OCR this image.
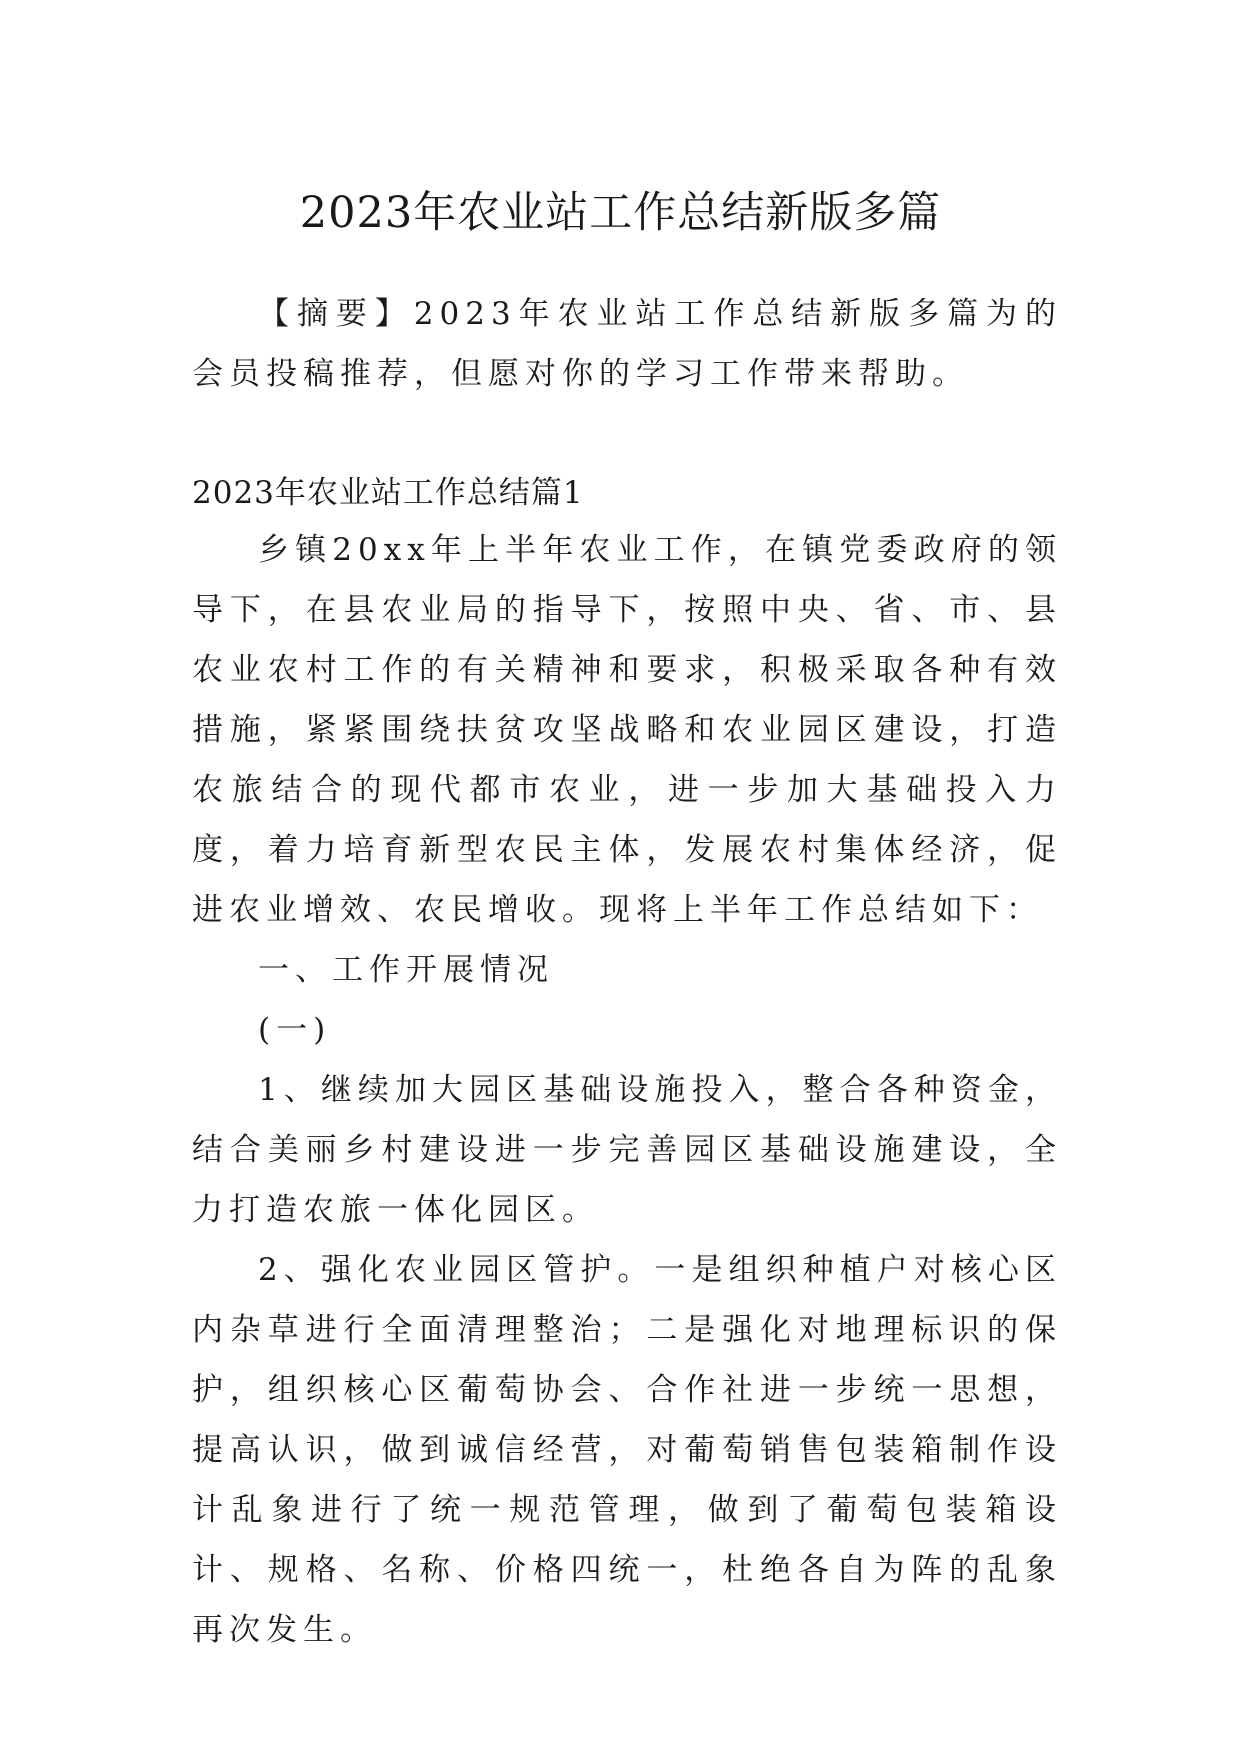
2023年农业站工作总结新版多篇
【摘要】2023年农业站工作总结新版多篇为的会员投稿推荐，但愿对你的学习工作带来帮助。
2023年农业站工作总结篇1

乡镇20xx年上半年农业工作，在镇党委政府的领导下，在县农业局的指导下，按照中央、省、市、县农业农村工作的有关精神和要求，积极采取各种有效措施，紧紧围绕扶贫攻坚战略和农业园区建设，打造农旅结合的现代都市农业，进一步加大基础投入力度，着力培育新型农民主体，发展农村集体经济，促进农业增效、农民增收。现将上半年工作总结如下：

一、工作开展情况

(一)

1、继续加大园区基础设施投入，整合各种资金，结合美丽乡村建设进一步完善园区基础设施建设，全力打造农旅一体化园区。

2、强化农业园区管护。一是组织种植户对核心区内杂草进行全面清理整治；二是强化对地理标识的保护，组织核心区葡萄协会、合作社进一步统一思想，提高认识，做到诚信经营，对葡萄销售包装箱制作设计乱象进行了统一规范管理，做到了葡萄包装箱设计、规格、名称、价格四统一，杜绝各自为阵的乱象再次发生。
